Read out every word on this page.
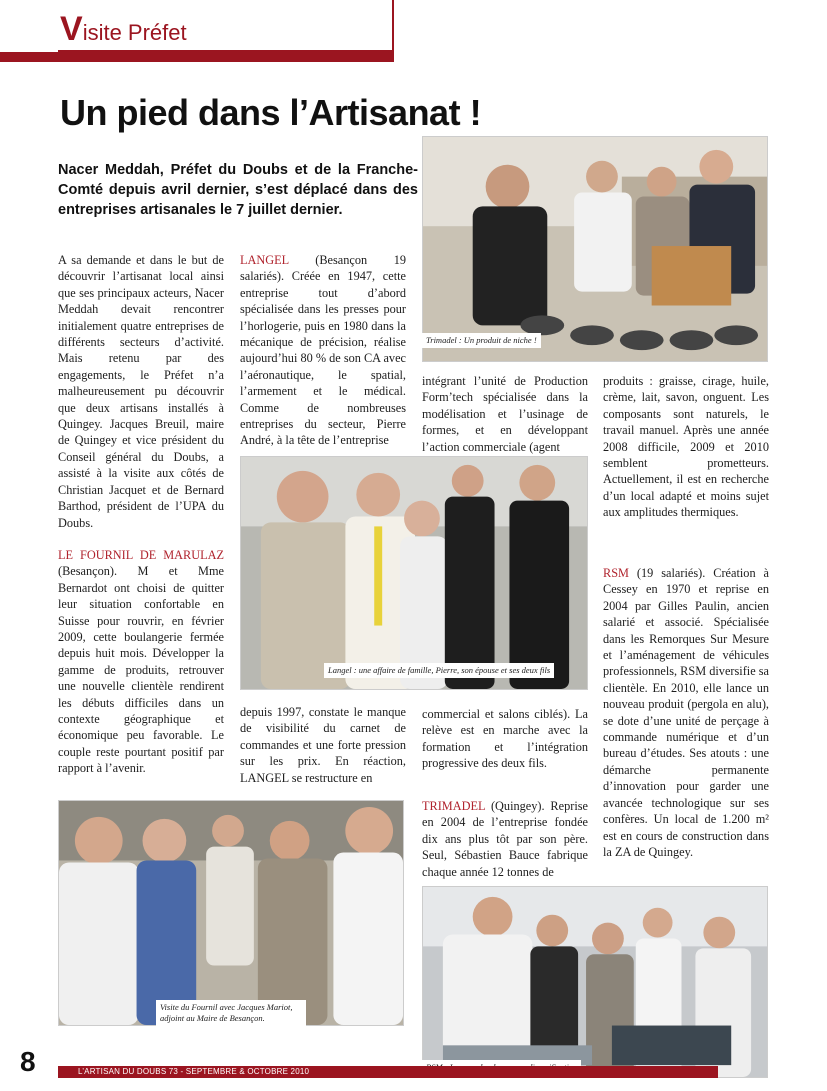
Visite Préfet
Un pied dans l’Artisanat !
Nacer Meddah, Préfet du Doubs et de la Franche-Comté depuis avril dernier, s’est déplacé dans des entreprises artisanales le 7 juillet dernier.
Trimadel : Un produit de niche !
Langel : une affaire de famille, Pierre, son épouse et ses deux fils
Visite du Fournil avec Jacques Mariot, adjoint au Maire de Besançon.

A sa demande et dans le but de découvrir l’artisanat local ainsi que ses principaux acteurs, Nacer Meddah devait rencontrer initialement quatre entreprises de différents secteurs d’activité. Mais retenu par des engagements, le Préfet n’a malheureusement pu découvrir que deux artisans installés à Quingey. Jacques Breuil, maire de Quingey et vice président du Conseil général du Doubs, a assisté à la visite aux côtés de Christian Jacquet et de Bernard Barthod, président de l’UPA du Doubs.

LE FOURNIL DE MARULAZ (Besançon). M et Mme Bernardot ont choisi de quitter leur situation confortable en Suisse pour rouvrir, en février 2009, cette boulangerie fermée depuis huit mois. Développer la gamme de produits, retrouver une nouvelle clientèle rendirent les débuts difficiles dans un contexte géographique et économique peu favorable. Le couple reste pourtant positif par rapport à l’avenir.

LANGEL (Besançon 19 salariés). Créée en 1947, cette entreprise tout d’abord spécialisée dans les presses pour l’horlogerie, puis en 1980 dans la mécanique de précision, réalise aujourd’hui 80 % de son CA avec l’aéronautique, le spatial, l’armement et le médical. Comme de nombreuses entreprises du secteur, Pierre André, à la tête de l’entreprise

depuis 1997, constate le manque de visibilité du carnet de commandes et une forte pression sur les prix. En réaction, LANGEL se restructure en

intégrant l’unité de Production Form’tech spécialisée dans la modélisation et l’usinage de formes, et en développant l’action commerciale (agent

commercial et salons ciblés). La relève est en marche avec la formation et l’intégration progressive des deux fils.

TRIMADEL (Quingey). Reprise en 2004 de l’entreprise fondée dix ans plus tôt par son père. Seul, Sébastien Bauce fabrique chaque année 12 tonnes de

produits : graisse, cirage, huile, crème, lait, savon, onguent. Les composants sont naturels, le travail manuel. Après une année 2008 difficile, 2009 et 2010 semblent prometteurs. Actuellement, il est en recherche d’un local adapté et moins sujet aux amplitudes thermiques.

RSM (19 salariés). Création à Cessey en 1970 et reprise en 2004 par Gilles Paulin, ancien salarié et associé. Spécialisée dans les Remorques Sur Mesure et l’aménagement de véhicules professionnels, RSM diversifie sa clientèle. En 2010, elle lance un nouveau produit (pergola en alu), se dote d’une unité de perçage à commande numérique et d’un bureau d’études. Ses atouts : une démarche permanente d’innovation pour garder une avancée technologique sur ses confères. Un local de 1.200 m² est en cours de construction dans la ZA de Quingey.

8	L’ARTISAN DU DOUBS 73 - SEPTEMBRE & OCTOBRE 2010
